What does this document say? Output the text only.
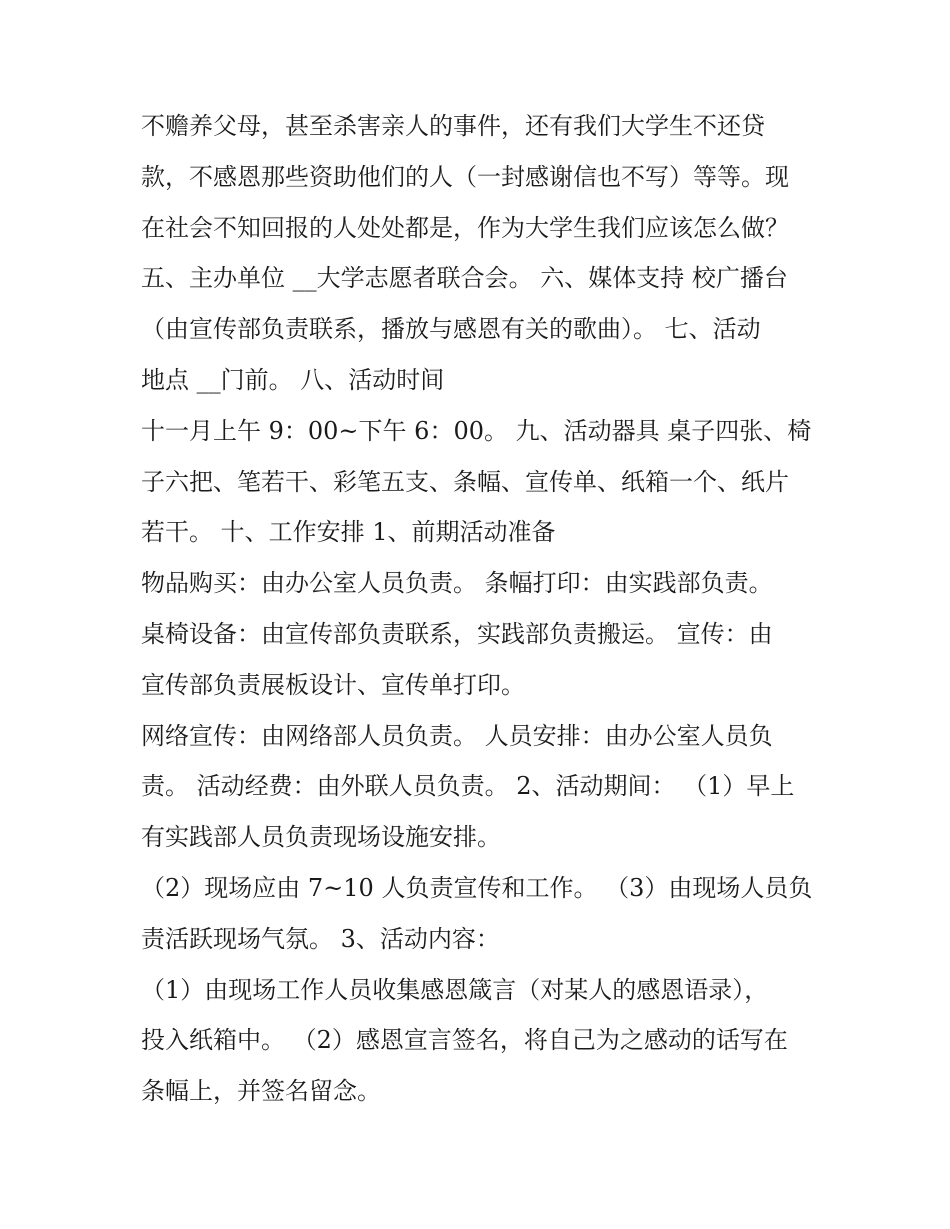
不赡养父母，甚至杀害亲人的事件，还有我们大学生不还贷
款，不感恩那些资助他们的人（一封感谢信也不写）等等。现
在社会不知回报的人处处都是，作为大学生我们应该怎么做？
五、主办单位 __大学志愿者联合会。 六、媒体支持 校广播台
（由宣传部负责联系，播放与感恩有关的歌曲）。 七、活动
地点 __门前。 八、活动时间
十一月上午 9：00~下午 6：00。 九、活动器具 桌子四张、椅
子六把、笔若干、彩笔五支、条幅、宣传单、纸箱一个、纸片
若干。 十、工作安排 1、前期活动准备
物品购买：由办公室人员负责。 条幅打印：由实践部负责。
桌椅设备：由宣传部负责联系，实践部负责搬运。 宣传：由
宣传部负责展板设计、宣传单打印。
网络宣传：由网络部人员负责。 人员安排：由办公室人员负
责。 活动经费：由外联人员负责。 2、活动期间： （1）早上
有实践部人员负责现场设施安排。
（2）现场应由 7~10 人负责宣传和工作。 （3）由现场人员负
责活跃现场气氛。 3、活动内容：
（1）由现场工作人员收集感恩箴言（对某人的感恩语录），
投入纸箱中。 （2）感恩宣言签名，将自己为之感动的话写在
条幅上，并签名留念。
